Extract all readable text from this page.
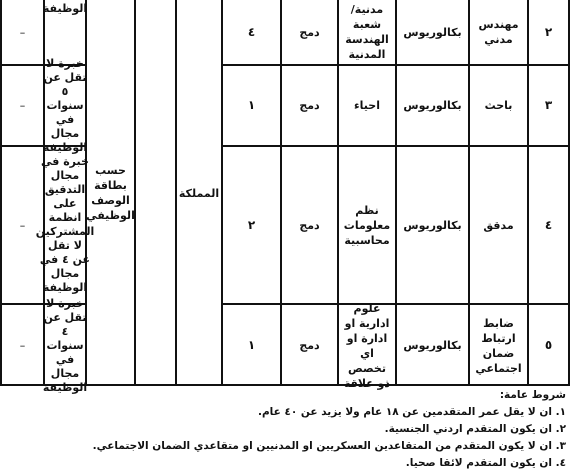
٢
مهندس
مدني
بكالوريوس
مدنية/
شعبة
الهندسة
المدنية
دمج
٤
المملكة
حسب
بطاقة
الوصف
الوظيفي
الوظيفة
–
٣
باحث
بكالوريوس
احياء
دمج
١
خبرة لا
تقل عن
٥ سنوات
في مجال
الوظيفة
–
٤
مدقق
بكالوريوس
نظم
معلومات
محاسبية
دمج
٢
خبرة في
مجال
التدقيق
على
انظمة
المشتركين
لا تقل
عن ٤ في
مجال
الوظيفة
–
٥
ضابط
ارتباط
ضمان
اجتماعي
بكالوريوس
علوم
ادارية او
ادارة او اي
تخصص
ذو علاقة
دمج
١
خبرة لا
تقل عن
٤ سنوات
في مجال
الوظيفة
–
شروط عامة:
١. ان لا يقل عمر المتقدمين عن ١٨ عام ولا يزيد عن ٤٠ عام.
٢. ان يكون المتقدم اردني الجنسية.
٣. ان لا يكون المتقدم من المتقاعدين العسكريين او المدنيين او متقاعدي الضمان الاجتماعي.
٤. ان يكون المتقدم لائقا صحيا.
